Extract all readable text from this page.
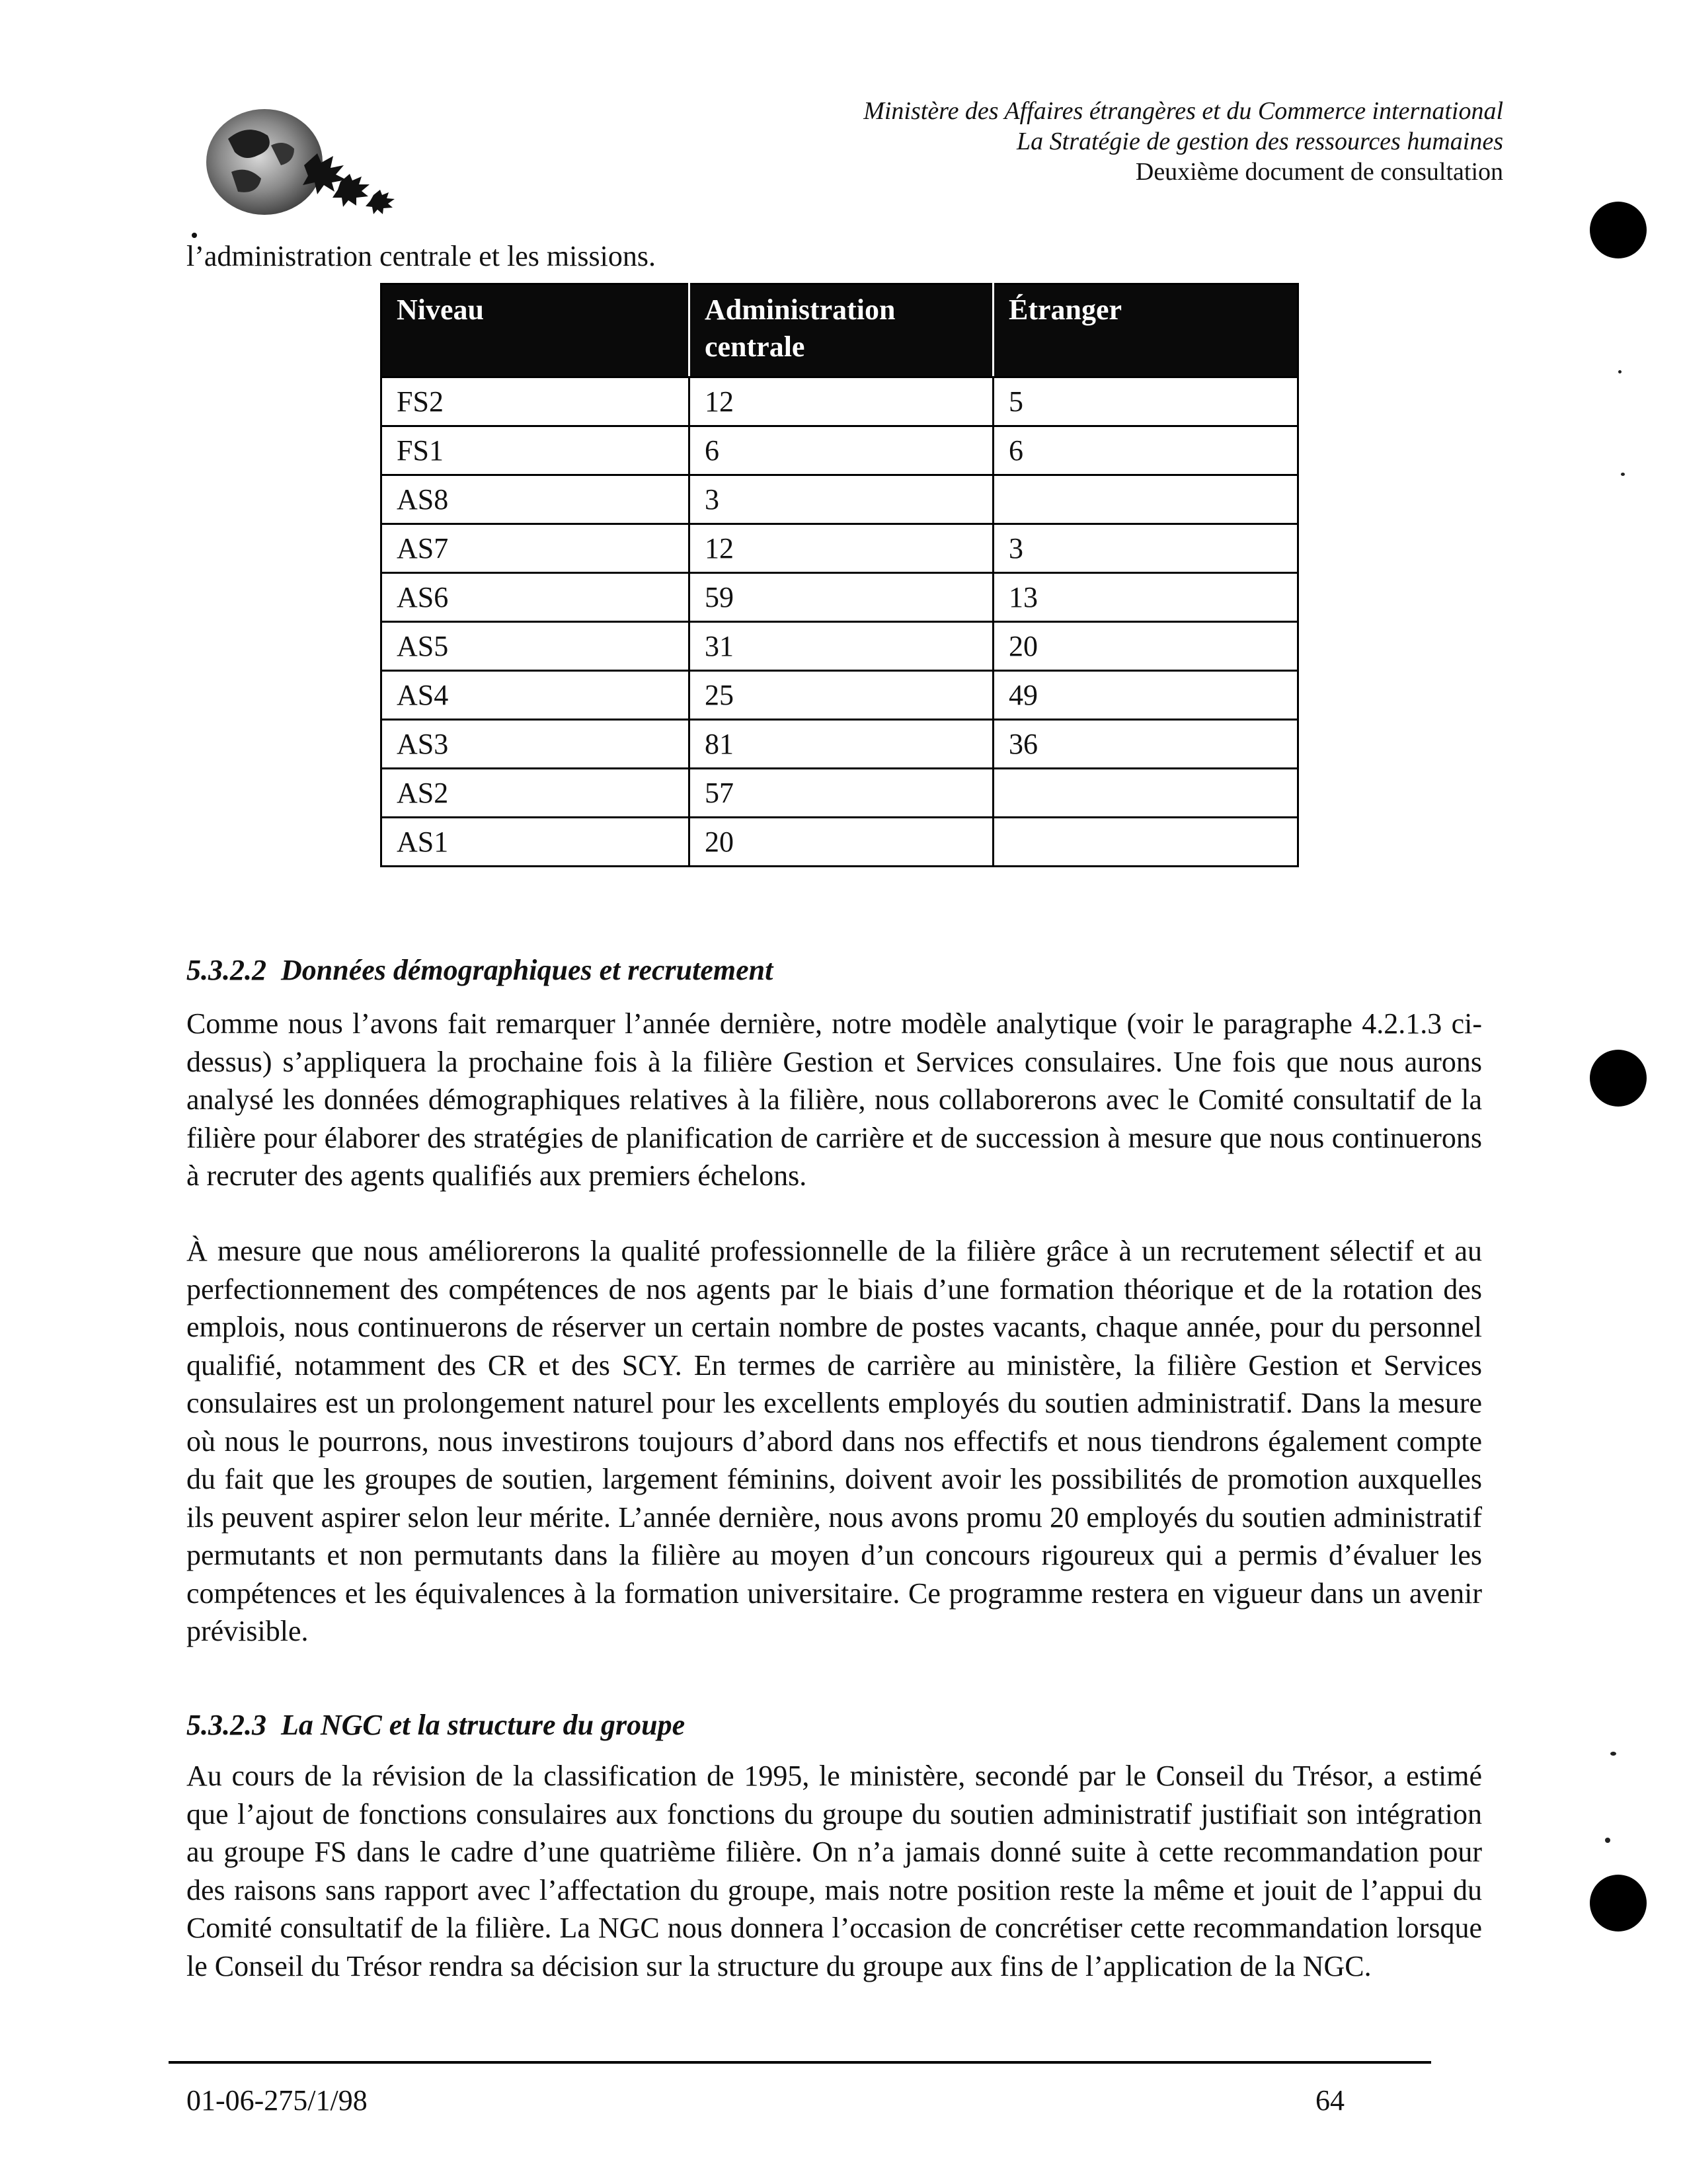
Ministère des Affaires étrangères et du Commerce international
La Stratégie de gestion des ressources humaines
Deuxième document de consultation
l’administration centrale et les missions.
Niveau	Administration centrale	Étranger
FS2	12	5
FS1	6	6
AS8	3	
AS7	12	3
AS6	59	13
AS5	31	20
AS4	25	49
AS3	81	36
AS2	57	
AS1	20	
5.3.2.2 Données démographiques et recrutement

Comme nous l’avons fait remarquer l’année dernière, notre modèle analytique (voir le paragraphe 4.2.1.3 ci-dessus) s’appliquera la prochaine fois à la filière Gestion et Services consulaires. Une fois que nous aurons analysé les données démographiques relatives à la filière, nous collaborerons avec le Comité consultatif de la filière pour élaborer des stratégies de planification de carrière et de succession à mesure que nous continuerons à recruter des agents qualifiés aux premiers échelons.

À mesure que nous améliorerons la qualité professionnelle de la filière grâce à un recrutement sélectif et au perfectionnement des compétences de nos agents par le biais d’une formation théorique et de la rotation des emplois, nous continuerons de réserver un certain nombre de postes vacants, chaque année, pour du personnel qualifié, notamment des CR et des SCY. En termes de carrière au ministère, la filière Gestion et Services consulaires est un prolongement naturel pour les excellents employés du soutien administratif. Dans la mesure où nous le pourrons, nous investirons toujours d’abord dans nos effectifs et nous tiendrons également compte du fait que les groupes de soutien, largement féminins, doivent avoir les possibilités de promotion auxquelles ils peuvent aspirer selon leur mérite. L’année dernière, nous avons promu 20 employés du soutien administratif permutants et non permutants dans la filière au moyen d’un concours rigoureux qui a permis d’évaluer les compétences et les équivalences à la formation universitaire. Ce programme restera en vigueur dans un avenir prévisible.

5.3.2.3 La NGC et la structure du groupe

Au cours de la révision de la classification de 1995, le ministère, secondé par le Conseil du Trésor, a estimé que l’ajout de fonctions consulaires aux fonctions du groupe du soutien administratif justifiait son intégration au groupe FS dans le cadre d’une quatrième filière. On n’a jamais donné suite à cette recommandation pour des raisons sans rapport avec l’affectation du groupe, mais notre position reste la même et jouit de l’appui du Comité consultatif de la filière. La NGC nous donnera l’occasion de concrétiser cette recommandation lorsque le Conseil du Trésor rendra sa décision sur la structure du groupe aux fins de l’application de la NGC.

01-06-275/1/98	64
